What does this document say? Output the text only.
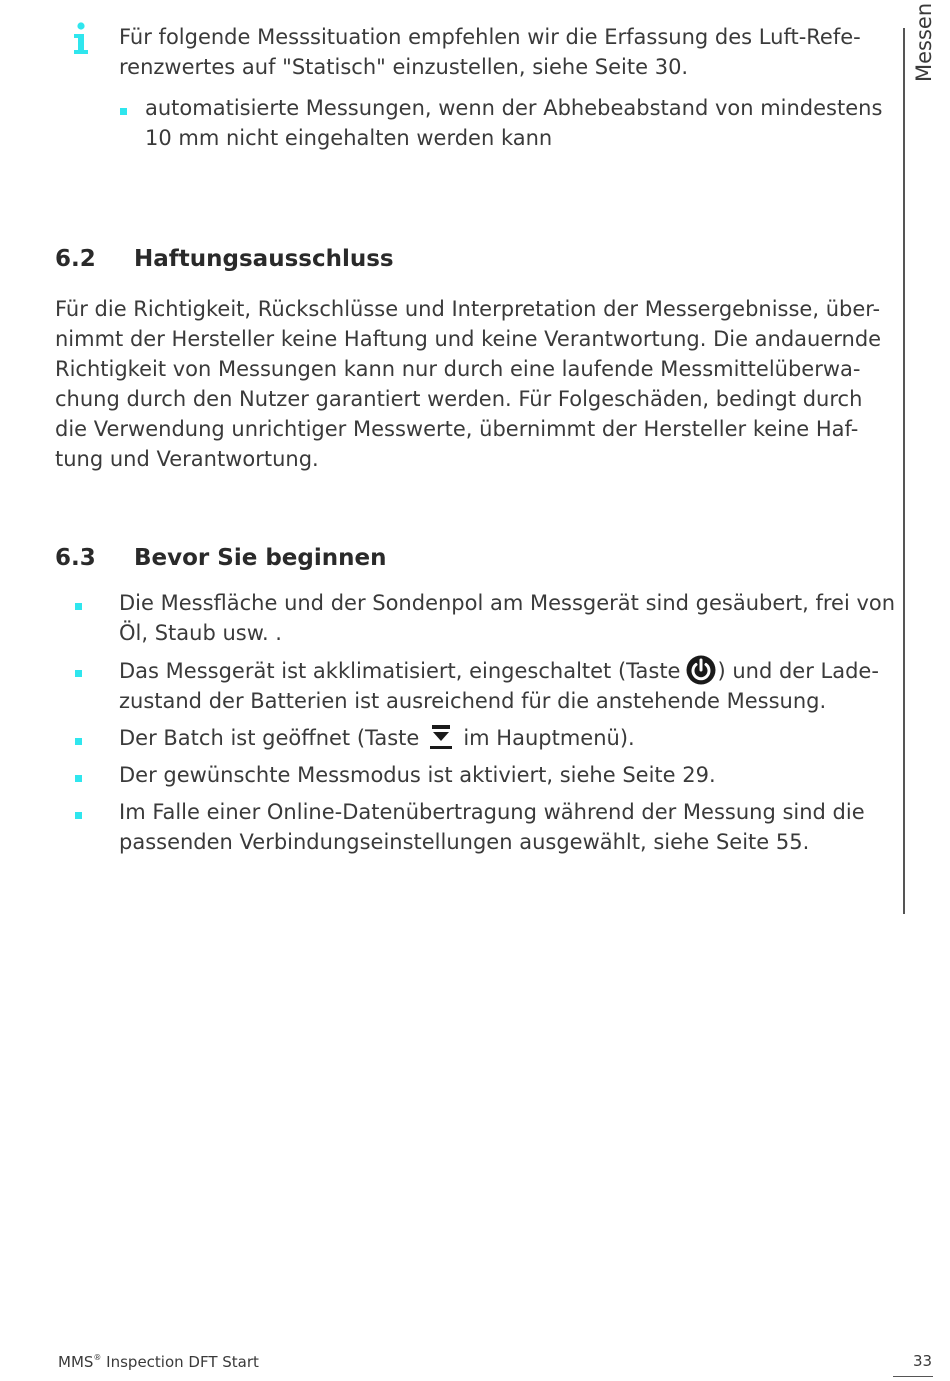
Für folgende Messsituation empfehlen wir die Erfassung des Luft-Refe-

renzwertes auf "Statisch" einzustellen, siehe Seite 30.

automatisierte Messungen, wenn der Abhebeabstand von mindestens
10 mm nicht eingehalten werden kann
Messen
6.2 Haftungsausschluss
Für die Richtigkeit, Rückschlüsse und Interpretation der Messergebnisse, über-
nimmt der Hersteller keine Haftung und keine Verantwortung. Die andauernde
Richtigkeit von Messungen kann nur durch eine laufende Messmittelüberwa-
chung durch den Nutzer garantiert werden. Für Folgeschäden, bedingt durch
die Verwendung unrichtiger Messwerte, übernimmt der Hersteller keine Haf-
tung und Verantwortung.
6.3 Bevor Sie beginnen
Die Messfläche und der Sondenpol am Messgerät sind gesäubert, frei von
Öl, Staub usw. .
Das Messgerät ist akklimatisiert, eingeschaltet (Taste ) und der Lade-
zustand der Batterien ist ausreichend für die anstehende Messung.
Der Batch ist geöffnet (Taste im Hauptmenü).
Der gewünschte Messmodus ist aktiviert, siehe Seite 29.
Im Falle einer Online-Datenübertragung während der Messung sind die
passenden Verbindungseinstellungen ausgewählt, siehe Seite 55.
MMS® Inspection DFT Start	33
